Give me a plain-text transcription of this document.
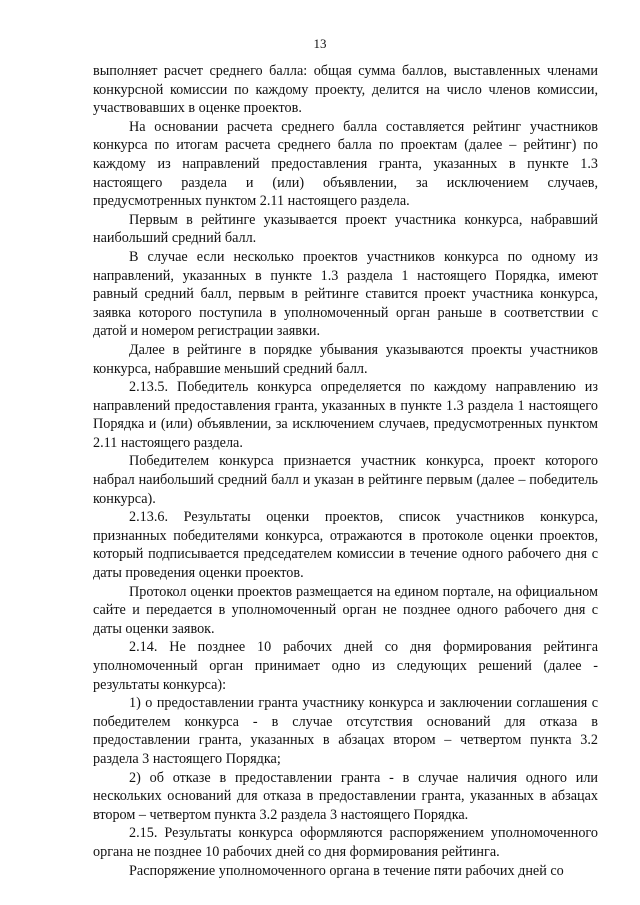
13

выполняет расчет среднего балла: общая сумма баллов, выставленных членами конкурсной комиссии по каждому проекту, делится на число членов комиссии, участвовавших в оценке проектов.

На основании расчета среднего балла составляется рейтинг участников конкурса по итогам расчета среднего балла по проектам (далее – рейтинг) по каждому из направлений предоставления гранта, указанных в пункте 1.3 настоящего раздела и (или) объявлении, за исключением случаев, предусмотренных пунктом 2.11 настоящего раздела.

Первым в рейтинге указывается проект участника конкурса, набравший наибольший средний балл.

В случае если несколько проектов участников конкурса по одному из направлений, указанных в пункте 1.3 раздела 1 настоящего Порядка, имеют равный средний балл, первым в рейтинге ставится проект участника конкурса, заявка которого поступила в уполномоченный орган раньше в соответствии с датой и номером регистрации заявки.

Далее в рейтинге в порядке убывания указываются проекты участников конкурса, набравшие меньший средний балл.

2.13.5. Победитель конкурса определяется по каждому направлению из направлений предоставления гранта, указанных в пункте 1.3 раздела 1 настоящего Порядка и (или) объявлении, за исключением случаев, предусмотренных пунктом 2.11 настоящего раздела.

Победителем конкурса признается участник конкурса, проект которого набрал наибольший средний балл и указан в рейтинге первым (далее – победитель конкурса).

2.13.6. Результаты оценки проектов, список участников конкурса, признанных победителями конкурса, отражаются в протоколе оценки проектов, который подписывается председателем комиссии в течение одного рабочего дня с даты проведения оценки проектов.

Протокол оценки проектов размещается на едином портале, на официальном сайте и передается в уполномоченный орган не позднее одного рабочего дня с даты оценки заявок.

2.14. Не позднее 10 рабочих дней со дня формирования рейтинга уполномоченный орган принимает одно из следующих решений (далее - результаты конкурса):

1) о предоставлении гранта участнику конкурса и заключении соглашения с победителем конкурса - в случае отсутствия оснований для отказа в предоставлении гранта, указанных в абзацах втором – четвертом пункта 3.2 раздела 3 настоящего Порядка;

2) об отказе в предоставлении гранта - в случае наличия одного или нескольких оснований для отказа в предоставлении гранта, указанных в абзацах втором – четвертом пункта 3.2 раздела 3 настоящего Порядка.

2.15. Результаты конкурса оформляются распоряжением уполномоченного органа не позднее 10 рабочих дней со дня формирования рейтинга.

Распоряжение уполномоченного органа в течение пяти рабочих дней со
